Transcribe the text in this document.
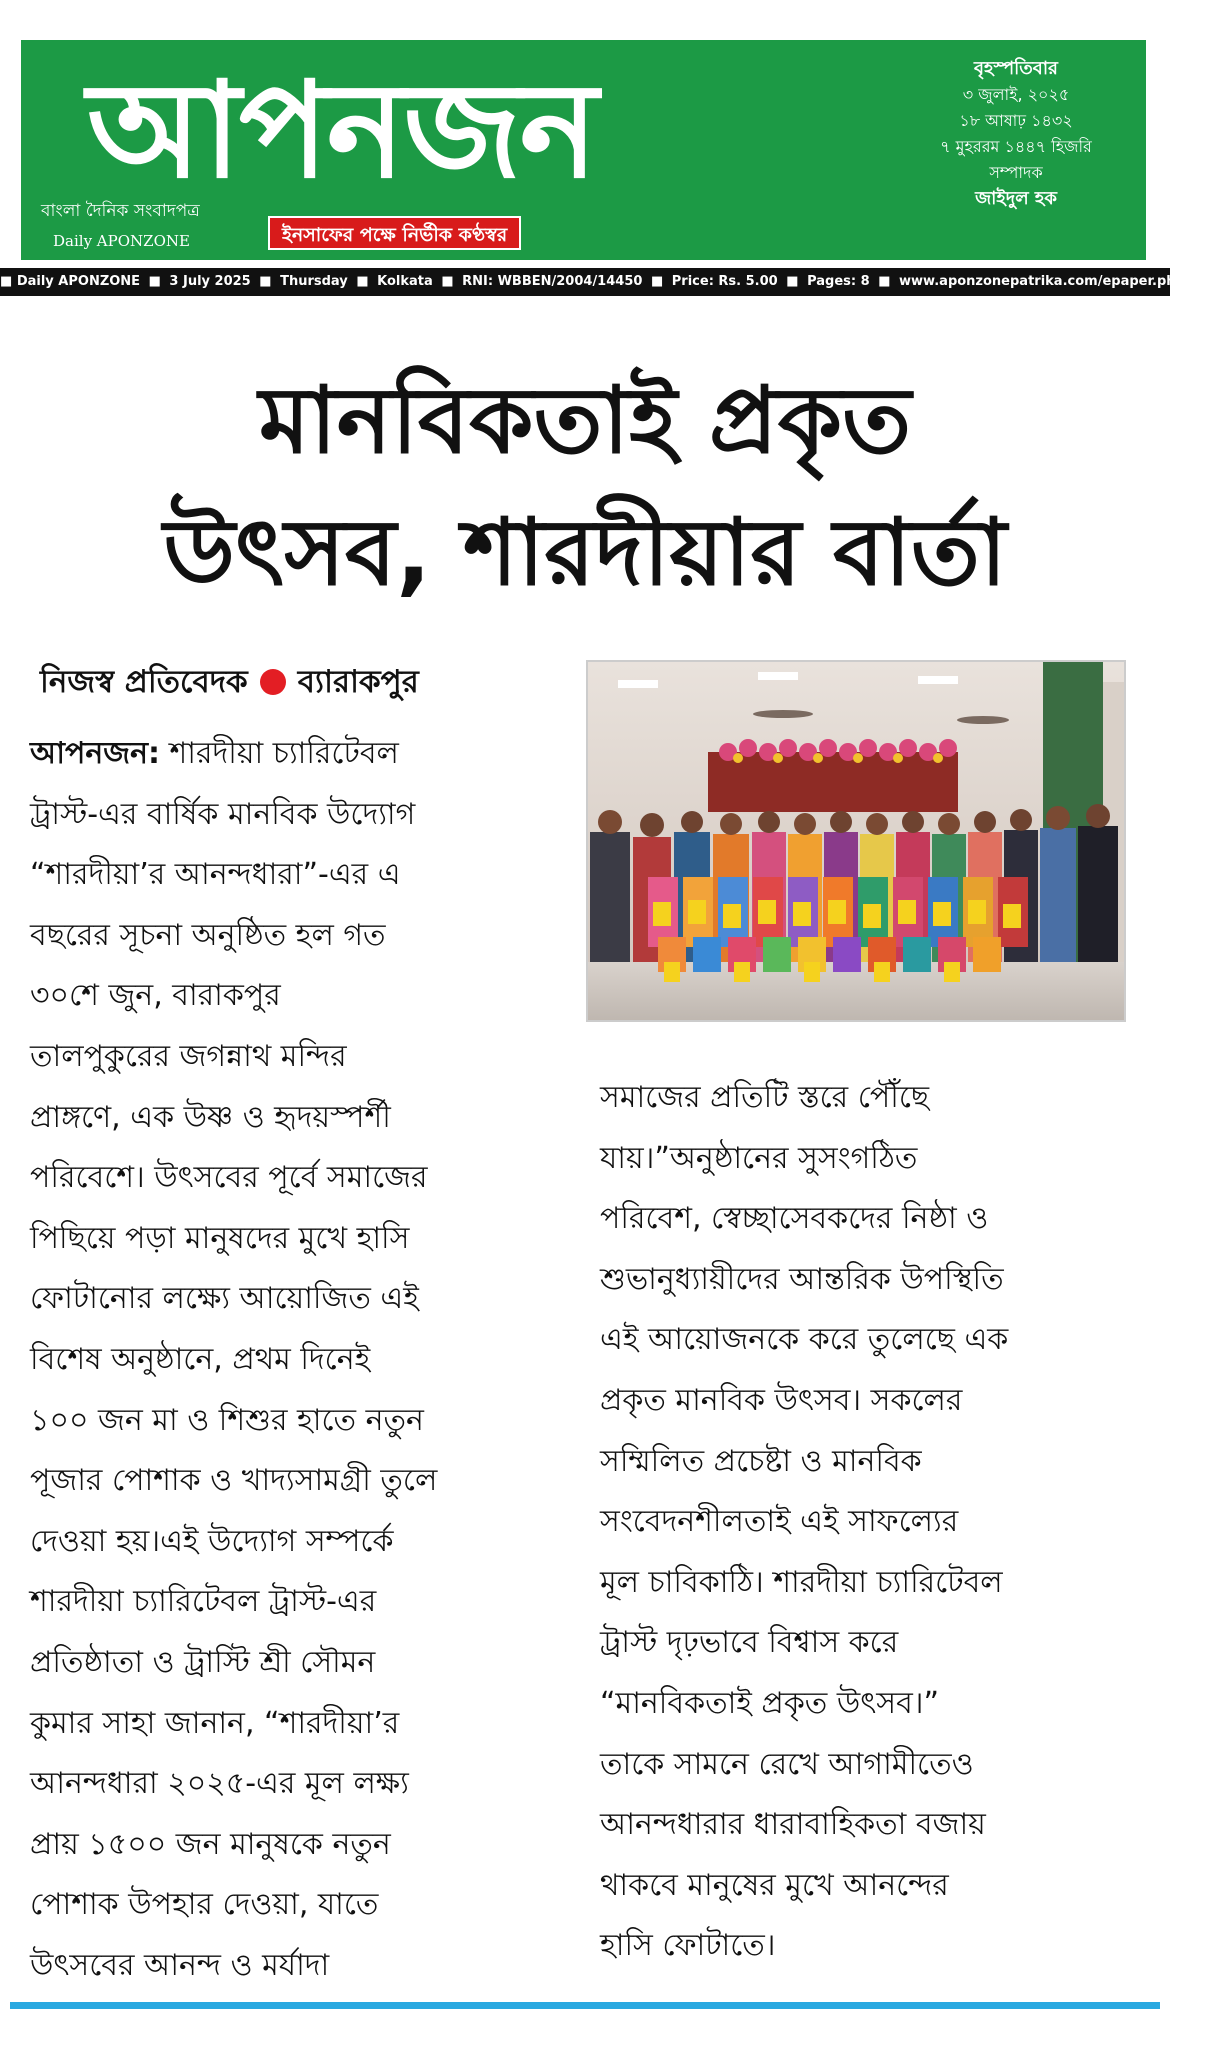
আপনজন
বাংলা দৈনিক সংবাদপত্র
Daily APONZONE	ইনসাফের পক্ষে নির্ভীক কণ্ঠস্বর
বৃহস্পতিবার
৩ জুলাই, ২০২৫
১৮ আষাঢ় ১৪৩২
৭ মুহররম ১৪৪৭ হিজরি
সম্পাদক
জাইদুল হক
■ Daily APONZONE ■ 3 July 2025 ■ Thursday ■ Kolkata ■ RNI: WBBEN/2004/14450 ■ Price: Rs. 5.00 ■ Pages: 8 ■ www.aponzonepatrika.com/epaper.php ■ ap
মানবিকতাই প্রকৃত
উৎসব, শারদীয়ার বার্তা
নিজস্ব প্রতিবেদক ব্যারাকপুর
আপনজন: শারদীয়া চ্যারিটেবল
ট্রাস্ট-এর বার্ষিক মানবিক উদ্যোগ
“শারদীয়া’র আনন্দধারা”-এর এ
বছরের সূচনা অনুষ্ঠিত হল গত
৩০শে জুন, বারাকপুর
তালপুকুরের জগন্নাথ মন্দির
প্রাঙ্গণে, এক উষ্ণ ও হৃদয়স্পর্শী
পরিবেশে। উৎসবের পূর্বে সমাজের
পিছিয়ে পড়া মানুষদের মুখে হাসি
ফোটানোর লক্ষ্যে আয়োজিত এই
বিশেষ অনুষ্ঠানে, প্রথম দিনেই
১০০ জন মা ও শিশুর হাতে নতুন
পূজার পোশাক ও খাদ্যসামগ্রী তুলে
দেওয়া হয়।এই উদ্যোগ সম্পর্কে
শারদীয়া চ্যারিটেবল ট্রাস্ট-এর
প্রতিষ্ঠাতা ও ট্রাস্টি শ্রী সৌমন
কুমার সাহা জানান, “শারদীয়া’র
আনন্দধারা ২০২৫-এর মূল লক্ষ্য
প্রায় ১৫০০ জন মানুষকে নতুন
পোশাক উপহার দেওয়া, যাতে
উৎসবের আনন্দ ও মর্যাদা
সমাজের প্রতিটি স্তরে পৌঁছে
যায়।”অনুষ্ঠানের সুসংগঠিত
পরিবেশ, স্বেচ্ছাসেবকদের নিষ্ঠা ও
শুভানুধ্যায়ীদের আন্তরিক উপস্থিতি
এই আয়োজনকে করে তুলেছে এক
প্রকৃত মানবিক উৎসব। সকলের
সম্মিলিত প্রচেষ্টা ও মানবিক
সংবেদনশীলতাই এই সাফল্যের
মূল চাবিকাঠি। শারদীয়া চ্যারিটেবল
ট্রাস্ট দৃঢ়ভাবে বিশ্বাস করে
“মানবিকতাই প্রকৃত উৎসব।”
তাকে সামনে রেখে আগামীতেও
আনন্দধারার ধারাবাহিকতা বজায়
থাকবে মানুষের মুখে আনন্দের
হাসি ফোটাতে।
